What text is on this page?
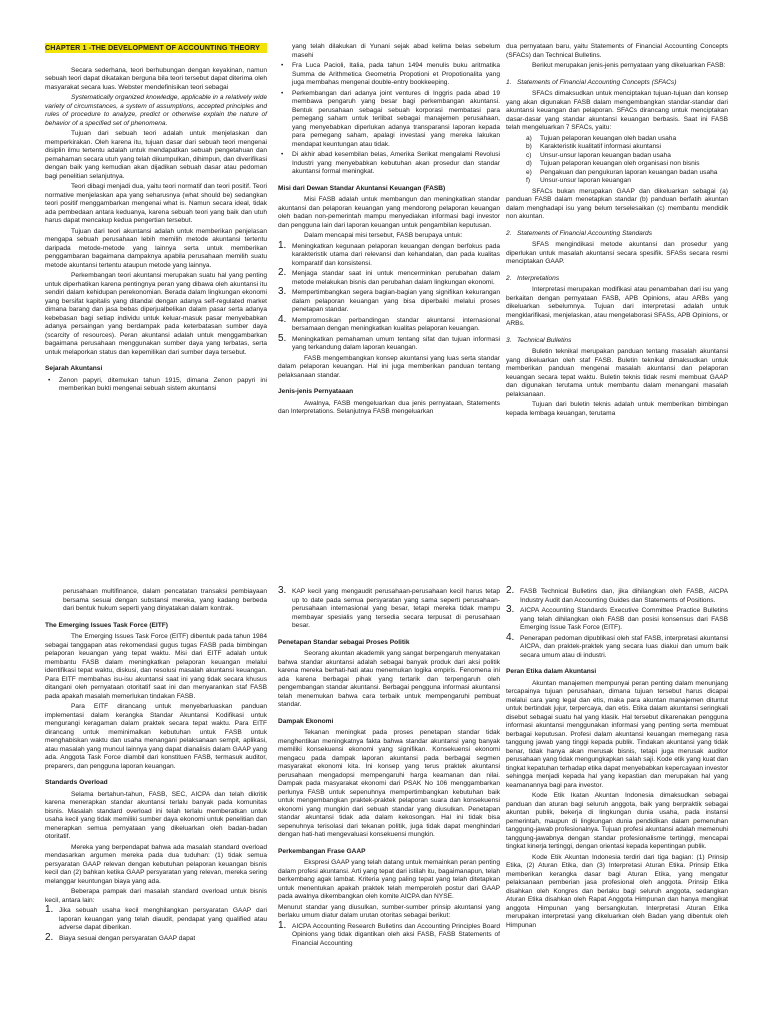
CHAPTER 1 -THE DEVELOPMENT OF ACCOUNTING THEORY

Secara sederhana, teori berhubungan dengan keyakinan, namun sebuah teori dapat dikatakan berguna bila teori tersebut dapat diterima oleh masyarakat secara luas. Webster mendefinisikan teori sebagai

Systematically organized knowledge, applicable in a relatively wide variety of circumstances, a system of assumptions, accepted principles and rules of procedure to analyze, predict or otherwise explain the nature of behavior of a specified set of phenomena.

Tujuan dari sebuah teori adalah untuk menjelaskan dan memperkirakan. Oleh karena itu, tujuan dasar dari sebuah teori mengenai disiplin ilmu tertentu adalah untuk mendapatkan sebuah pengetahuan dan pemahaman secara utuh yang telah dikumpulkan, dihimpun, dan diverifikasi dengan baik yang kemudian akan dijadikan sebuah dasar atau pedoman bagi penelitian selanjutnya.

Teori dibagi menjadi dua, yaitu teori normatif dan teori positif. Teori normative menjelaskan apa yang seharusnya (what should be) sedangkan teori positif menggambarkan mengenai what is. Namun secara ideal, tidak ada pembedaan antara keduanya, karena sebuah teori yang baik dan utuh harus dapat mencakup kedua pengertian tersebut.

Tujuan dari teori akuntansi adalah untuk memberikan penjelasan mengapa sebuah perusahaan lebih memilih metode akuntansi tertentu daripada metode-metode yang lainnya serta untuk memberikan penggambaran bagaimana dampaknya apabila perusahaan memilih suatu metode akuntansi tertentu ataupun metode yang lainnya.

Perkembangan teori akuntansi merupakan suatu hal yang penting untuk diperhatikan karena pentingnya peran yang dibawa oleh akuntansi itu sendiri dalam kehidupan perekonomian. Berada dalam lingkungan ekonomi yang bersifat kapitalis yang ditandai dengan adanya self-regulated market dimana barang dan jasa bebas diperjualbelikan dalam pasar serta adanya kebebasan bagi setiap individu untuk keluar-masuk pasar menyebabkan adanya persaingan yang berdampak pada keterbatasan sumber daya (scarcity of resources). Peran akuntansi adalah untuk menggambarkan bagaimana perusahaan menggunakan sumber daya yang terbatas, serta untuk melaporkan status dan kepemilikan dari sumber daya tersebut.

Sejarah Akuntansi
• Zenon papyri, ditemukan tahun 1915, dimana Zenon papyri ini memberikan bukti mengenai sebuah sistem akuntansi

yang telah dilakukan di Yunani sejak abad kelima belas sebelum masehi

• Fra Luca Pacioli, Italia, pada tahun 1494 menulis buku aritmatika Summa de Arithmetica Geometria Propotioni et Propotionalita yang juga membahas mengenai double-entry bookkeeping.
• Perkembangan dari adanya joint ventures di Inggris pada abad 19 membawa pengaruh yang besar bagi perkembangan akuntansi. Bentuk perusahaan sebagai sebuah korporasi membatasi para pemegang saham untuk terlibat sebagai manajemen perusahaan, yang menyebabkan diperlukan adanya transparansi laporan kepada para pemegang saham, apalagi investasi yang mereka lakukan mendapat keuntungan atau tidak.
• Di akhir abad kesembilan belas, Amerika Serikat mengalami Revolusi Industri yang menyebabkan kebutuhan akan prosedur dan standar akuntansi formal meningkat.
Misi dari Dewan Standar Akuntansi Keuangan (FASB)

Misi FASB adalah untuk membangun dan meningkatkan standar akuntansi dan pelaporan keuangan yang mendorong pelaporan keuangan oleh badan non-pemerintah mampu menyediakan informasi bagi investor dan pengguna lain dari laporan keuangan untuk pengambilan keputusan.

Dalam mencapai misi tersebut, FASB berupaya untuk:

1. Meningkatkan kegunaan pelaporan keuangan dengan berfokus pada karakteristik utama dari relevansi dan kehandalan, dan pada kualitas komparatif dan konsistensi.
2. Menjaga standar saat ini untuk mencerminkan perubahan dalam metode melakukan bisnis dan perubahan dalam lingkungan ekonomi.
3. Mempertimbangkan segera bagian-bagian yang signifikan kekurangan dalam pelaporan keuangan yang bisa diperbaiki melalui proses penetapan standar.
4. Mempromosikan perbandingan standar akuntansi internasional bersamaan dengan meningkatkan kualitas pelaporan keuangan.
5. Meningkatkan pemahaman umum tentang sifat dan tujuan informasi yang terkandung dalam laporan keuangan.

FASB mengembangkan konsep akuntansi yang luas serta standar dalam pelaporan keuangan. Hal ini juga memberikan panduan tentang pelaksanaan standar.

Jenis-jenis Pernyataaan

Awalnya, FASB mengeluarkan dua jenis pernyataan, Statements dan Interpretations. Selanjutnya FASB mengeluarkan

dua pernyataan baru, yaitu Statements of Financial Accounting Concepts (SFACs) dan Technical Bulletins.

Berikut merupakan jenis-jenis pernyataan yang dikeluarkan FASB:

1.   Statements of Financial Accounting Concepts (SFACs)

SFACs dimaksudkan untuk menciptakan tujuan-tujuan dan konsep yang akan digunakan FASB dalam mengembangkan standar-standar dari akuntansi keuangan dan pelaporan. SFACs dirancang untuk menciptakan dasar-dasar yang standar akuntansi keuangan berbasis. Saat ini FASB telah mengeluarkan 7 SFACs, yaitu:

a) Tujuan pelaporan keuangan oleh badan usaha
b) Karakteristik kualitatif informasi akuntansi
c) Unsur-unsur laporan keuangan badan usaha
d) Tujuan pelaporan keuangan oleh organisasi non bisnis
e) Pengakuan dan pengukuran laporan keuangan badan usaha
f) Unsur-unsur laporan keuangan

SFACs bukan merupakan GAAP dan dikeluarkan sebagai (a) panduan FASB dalam menetapkan standar (b) panduan berfatih akuntan dalam menghadapi isu yang belum terselesaikan (c) membantu mendidik non akuntan.

2.   Statements of Financial Accounting Standards

SFAS mengindikasi metode akuntansi dan prosedur yang diperlukan untuk masalah akuntansi secara spesifik. SFASs secara resmi menciptakan GAAP.

2.   Interpretations

Interpretasi merupakan modifikasi atau penambahan dari isu yang berkaitan dengan pernyataan FASB, APB Opinions, atau ARBs yang dikeluarkan sebelumnya. Tujuan dari interpretasi adalah untuk mengklarifikasi, menjelaskan, atau mengelaborasi SFASs, APB Opinions, or ARBs.

3.   Technical Bulletins

Buletin teknikal merupakan panduan tentang masalah akuntansi yang dikeluarkan oleh staf FASB. Buletin teknikal dimaksudkan untuk memberikan panduan mengenai masalah akuntansi dan pelaporan keuangan secara tepat waktu. Buletin teknis tidak resmi membuat GAAP dan digunakan terutama untuk membantu dalam menangani masalah pelaksanaan.

Tujuan dari buletin teknis adalah untuk memberikan bimbingan kepada lembaga keuangan, terutama

perusahaan multifinance, dalam pencatatan transaksi pembiayaan bersama sesuai dengan substansi mereka, yang kadang berbeda dari bentuk hukum seperti yang dinyatakan dalam kontrak.

The Emerging Issues Task Force (EITF)

The Emerging Issues Task Force (EITF) dibentuk pada tahun 1984 sebagai tanggapan atas rekomendasi gugus tugas FASB pada bimbingan pelaporan keuangan yang tepat waktu. Misi dari EITF adalah untuk membantu FASB dalam meningkatkan pelaporan keuangan melalui identifikasi tepat waktu, diskusi, dan resolusi masalah akuntansi keuangan. Para EITF membahas isu-isu akuntansi saat ini yang tidak secara khusus ditangani oleh pernyataan otoritatif saat ini dan menyarankan staf FASB pada apakah masalah memerlukan tindakan FASB.

Para EITF dirancang untuk menyebarluaskan panduan implementasi dalam kerangka Standar Akuntansi Kodifikasi untuk mengurangi keragaman dalam praktek secara tepat waktu. Para EITF dirancang untuk meminimalkan kebutuhan untuk FASB untuk menghabiskan waktu dan usaha menangani pelaksanaan sempit, aplikasi, atau masalah yang muncul lainnya yang dapat dianalisis dalam GAAP yang ada. Anggota Task Force diambil dari konstituen FASB, termasuk auditor, preparers, dan pengguna laporan keuangan.

Standards Overload

Selama bertahun-tahun, FASB, SEC, AICPA dan telah dikritik karena menerapkan standar akuntansi terlalu banyak pada komunitas bisnis. Masalah standard overload ini telah terlalu memberatkan untuk usaha kecil yang tidak memiliki sumber daya ekonomi untuk penelitian dan menerapkan semua pernyataan yang dikeluarkan oleh badan-badan otoritatif.

Mereka yang berpendapat bahwa ada masalah standard overload mendasarkan argumen mereka pada dua tuduhan: (1) tidak semua persyaratan GAAP relevan dengan kebutuhan pelaporan keuangan bisnis kecil dan (2) bahkan ketika GAAP persyaratan yang relevan, mereka sering melanggar keuntungan biaya yang ada.

Beberapa pampak dari masalah standard overload untuk bisnis kecil, antara lain:

1. Jika sebuah usaha kecil menghilangkan persyaratan GAAP dari laporan keuangan yang telah diaudit, pendapat yang qualified atau adverse dapat diberikan.
2. Biaya sesuai dengan persyaratan GAAP dapat
3. KAP kecil yang mengaudit perusahaan-perusahaan kecil harus tetap up to date pada semua persyaratan yang sama seperti perusahaan-perusahaan internasional yang besar, tetapi mereka tidak mampu membayar spesialis yang tersedia secara terpusat di perusahaan besar.
Penetapan Standar sebagai Proses Politik

Seorang akuntan akademik yang sangat berpengaruh menyatakan bahwa standar akuntansi adalah sebagai banyak produk dari aksi politik karena mereka berhati-hati atau menemukan logika empiris. Fenomena ini ada karena berbagai pihak yang tertarik dan terpengaruh oleh pengembangan standar akuntansi. Berbagai pengguna informasi akuntansi telah menemukan bahwa cara terbaik untuk mempengaruhi pembuat standar.

Dampak Ekonomi

Tekanan meningkat pada proses penetapan standar tidak menghentikan meningkatnya fakta bahwa standar akuntansi yang banyak memiliki konsekuensi ekonomi yang signifikan. Konsekuensi ekonomi mengacu pada dampak laporan akuntansi pada berbagai segmen masyarakat ekonomi kita. Ini konsep yang terus praktek akuntansi perusahaan mengadopsi mempengaruhi harga keamanan dan nilai. Dampak pada masyarakat ekonomi dari PSAK No 106 menggambarkan perlunya FASB untuk sepenuhnya mempertimbangkan kebutuhan baik untuk mengembangkan praktek-praktek pelaporan suara dan konsekuensi ekonomi yang mungkin dari sebuah standar yang diusulkan. Penetapan standar akuntansi tidak ada dalam kekosongan. Hal ini tidak bisa sepenuhnya terisolasi dari tekanan politik, juga tidak dapat menghindari dengan hati-hati mengevaluasi konsekuensi mungkin.

Perkembangan Frase GAAP

Ekspresi GAAP yang telah datang untuk memainkan peran penting dalam profesi akuntansi. Arti yang tepat dari istilah itu, bagaimanapun, telah berkembang agak lambat. Kriteria yang paling tepat yang telah ditetapkan untuk menentukan apakah praktek telah memperoleh postur dari GAAP pada awalnya dikembangkan oleh komite AICPA dan NYSE.

Menurut standar yang diusulkan, sumber-sumber prinsip akuntansi yang berlaku umum diatur dalam urutan otoritas sebagai berikut:

1. AICPA Accounting Research Bulletins dan Accounting Principles Board Opinions yang tidak digantikan oleh aksi FASB, FASB Statements of Financial Accounting
2. FASB Technical Bulletins dan, jika dihilangkan oleh FASB, AICPA Industry Audit dan Accounting Guides dan Statements of Positions.
3. AICPA Accounting Standards Executive Committee Practice Bulletins yang telah dihilangkan oleh FASB dan posisi konsensus dari FASB Emerging Issue Task Force (EITF).
4. Penerapan pedoman dipublikasi oleh staf FASB, interpretasi akuntansi AICPA, dan praktek-praktek yang secara luas diakui dan umum baik secara umum atau di industri.
Peran Etika dalam Akuntansi

Akuntan manajemen mempunyai peran penting dalam menunjang tercapainya tujuan perusahaan, dimana tujuan tersebut harus dicapai melalui cara yang legal dan etis, maka para akuntan manajemen dituntut untuk bertindak jujur, terpercaya, dan etis. Etika dalam akuntansi seringkali disebut sebagai suatu hal yang klasik. Hal tersebut dikarenakan pengguna informasi akuntansi menggunakan informasi yang penting serta membuat berbagai keputusan. Profesi dalam akuntansi keuangan memegang rasa tanggung jawab yang tinggi kepada publik. Tindakan akuntansi yang tidak benar, tidak hanya akan merusak bisnis, tetapi juga merusak auditor perusahaan yang tidak mengungkapkan salah saji. Kode etik yang kuat dan tingkat kepatuhan terhadap etika dapat menyebabkan kepercayaan investor sehingga menjadi kepada hal yang kepastian dan merupakan hal yang keamanannya bagi para investor.

Kode Etik Ikatan Akuntan Indonesia dimaksudkan sebagai panduan dan aturan bagi seluruh anggota, baik yang berpraktik sebagai akuntan publik, bekerja di lingkungan dunia usaha, pada instansi pemerintah, maupun di lingkungan dunia pendidikan dalam pemenuhan tanggung-jawab profesionalnya. Tujuan profesi akuntansi adalah memenuhi tanggung-jawabnya dengan standar profesionalisme tertinggi, mencapai tingkat kinerja tertinggi, dengan orientasi kepada kepentingan publik.

Kode Etik Akuntan Indonesia terdiri dari tiga bagian: (1) Prinsip Etika, (2) Aturan Etika, dan (3) Interpretasi Aturan Etika. Prinsip Etika memberikan kerangka dasar bagi Aturan Etika, yang mengatur pelaksanaan pemberian jasa profesional oleh anggota. Prinsip Etika disahkan oleh Kongres dan berlaku bagi seluruh anggota, sedangkan Aturan Etika disahkan oleh Rapat Anggota Himpunan dan hanya mengikat anggota Himpunan yang bersangkutan. Interpretasi Aturan Etika merupakan interpretasi yang dikeluarkan oleh Badan yang dibentuk oleh Himpunan
